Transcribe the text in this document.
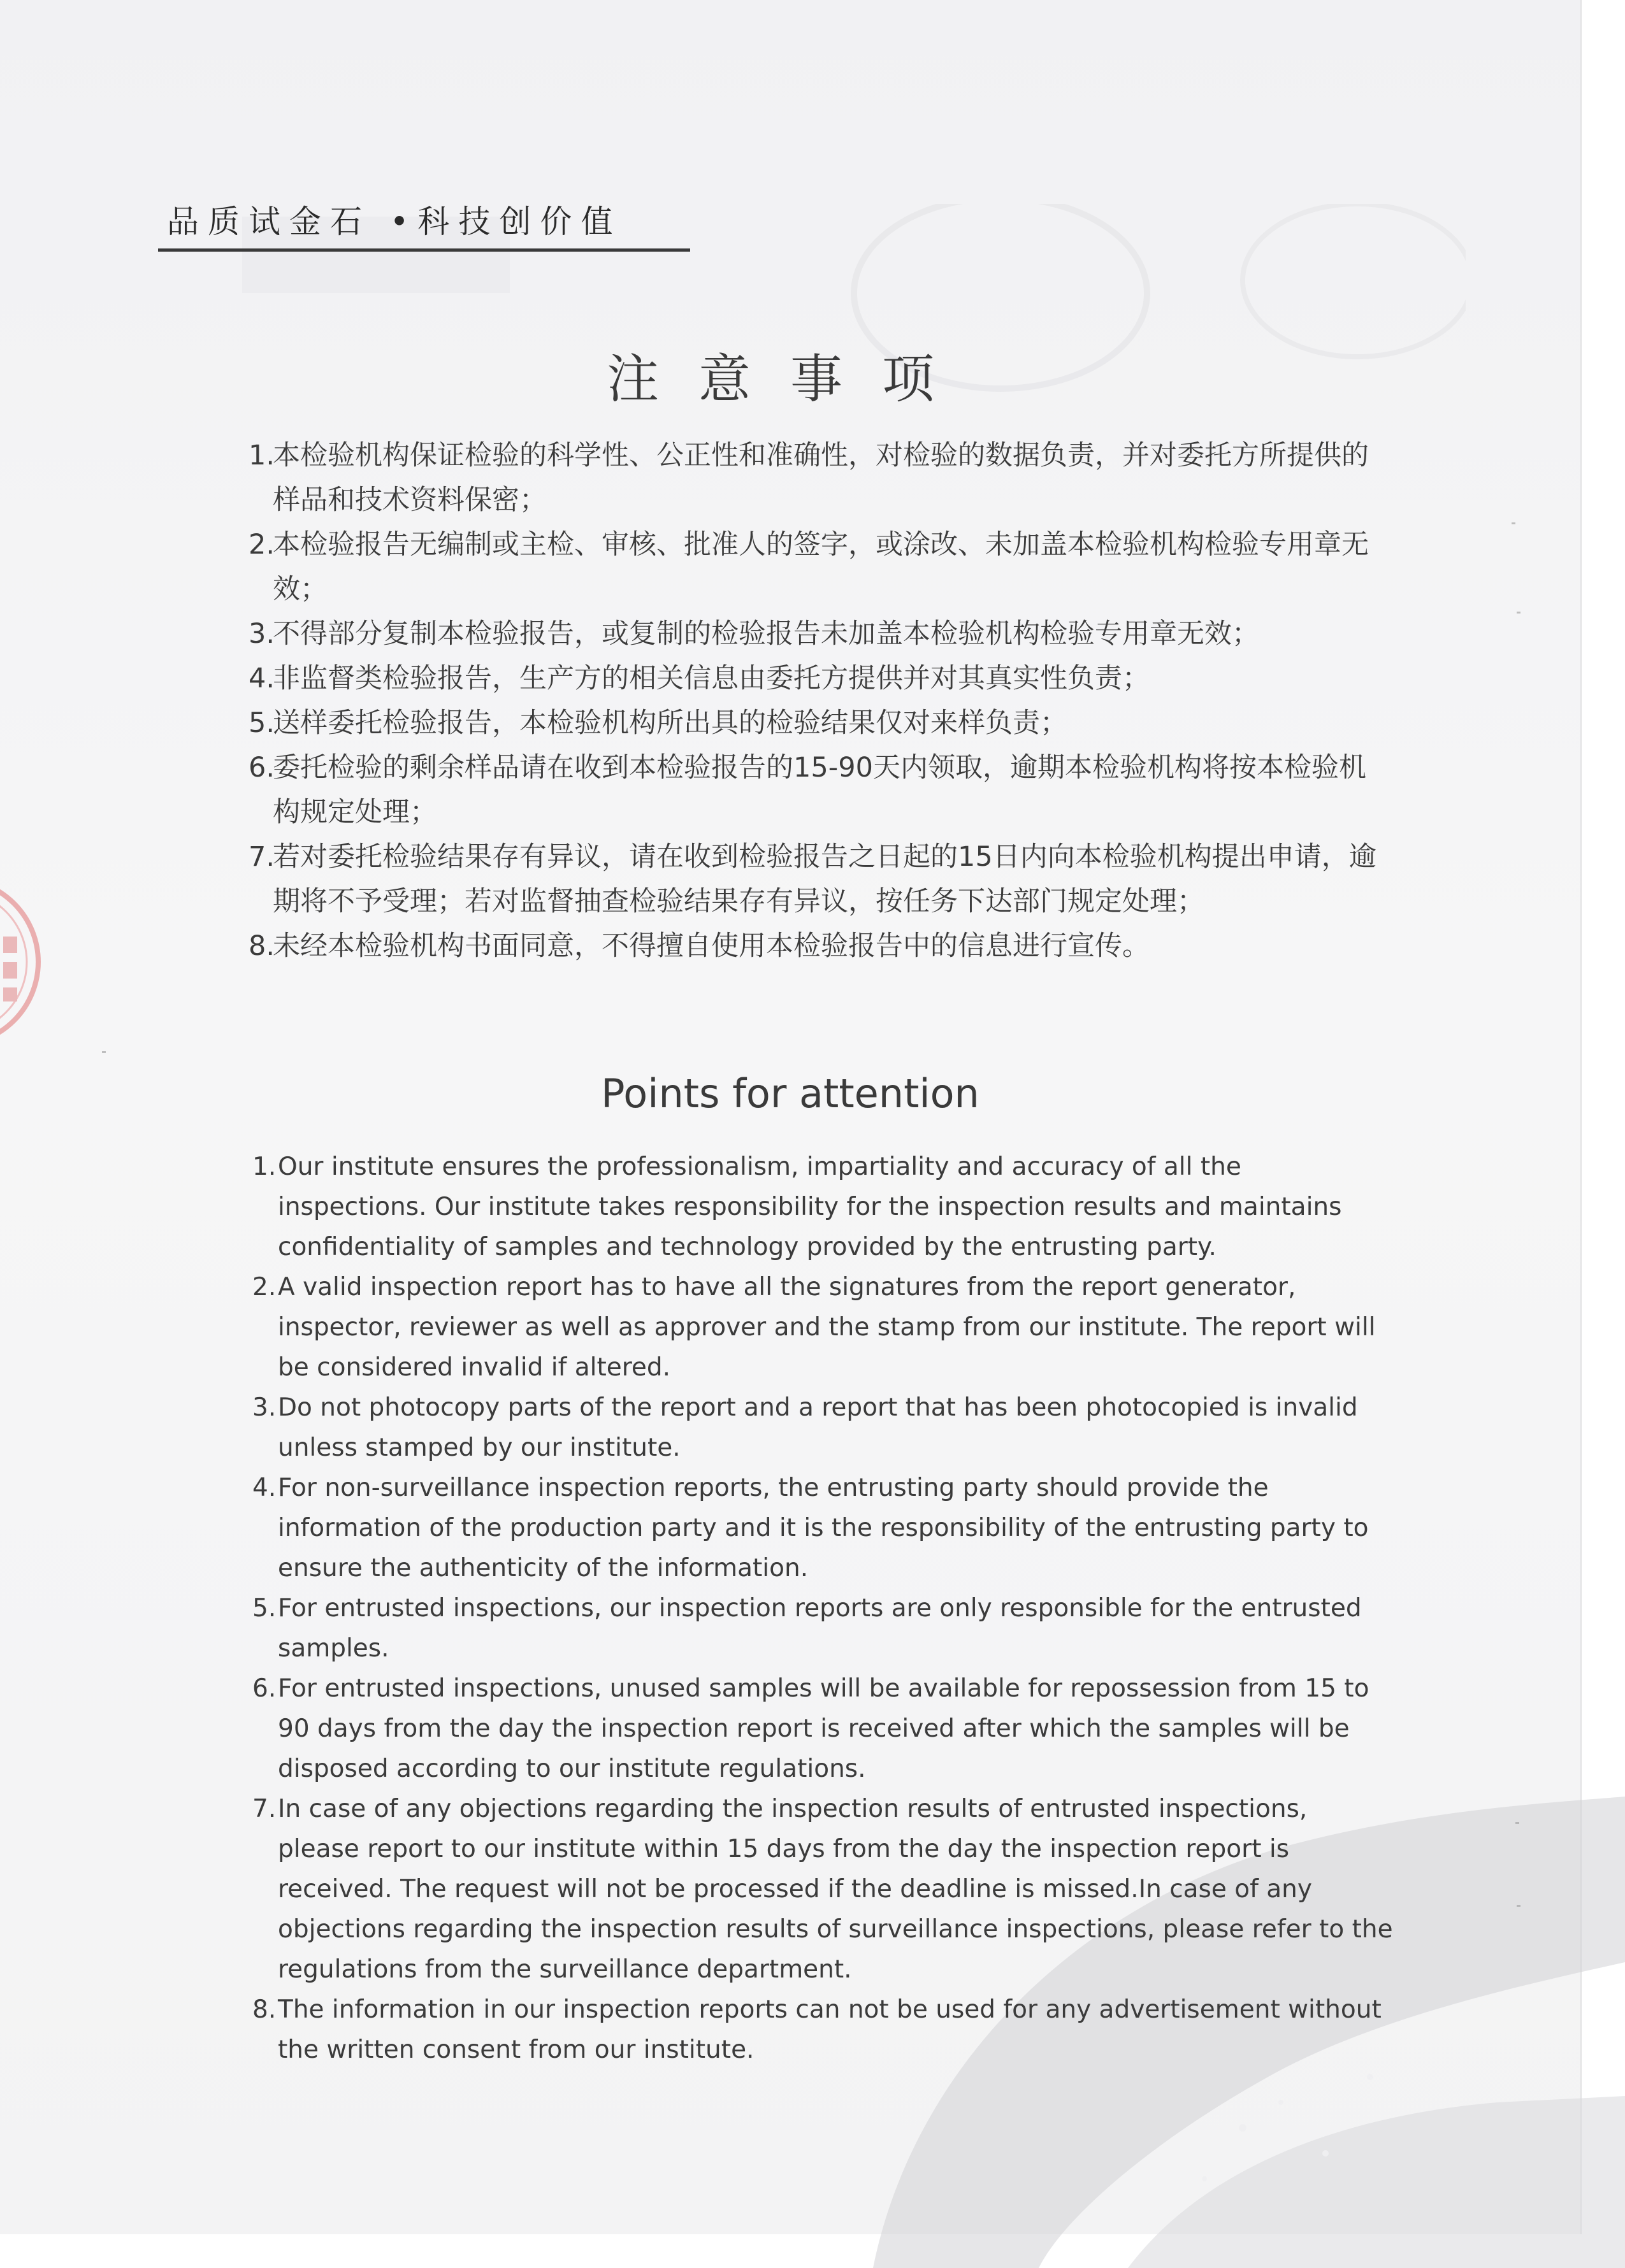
品质试金石 •科技创价值

注意事项
1.
本检验机构保证检验的科学性、公正性和准确性，对检验的数据负责，并对委托方所提供的样品和技术资料保密；
2.
本检验报告无编制或主检、审核、批准人的签字，或涂改、未加盖本检验机构检验专用章无效；
3.
不得部分复制本检验报告，或复制的检验报告未加盖本检验机构检验专用章无效；
4.
非监督类检验报告，生产方的相关信息由委托方提供并对其真实性负责；
5.
送样委托检验报告，本检验机构所出具的检验结果仅对来样负责；
6.
委托检验的剩余样品请在收到本检验报告的15-90天内领取，逾期本检验机构将按本检验机构规定处理；
7.
若对委托检验结果存有异议，请在收到检验报告之日起的15日内向本检验机构提出申请，逾期将不予受理；若对监督抽查检验结果存有异议，按任务下达部门规定处理；
8.
未经本检验机构书面同意，不得擅自使用本检验报告中的信息进行宣传。
Points for attention
1. Our institute ensures the professionalism, impartiality and accuracy of all the inspections. Our institute takes responsibility for the inspection results and maintains confidentiality of samples and technology provided by the entrusting party.
2. A valid inspection report has to have all the signatures from the report generator, inspector, reviewer as well as approver and the stamp from our institute. The report will be considered invalid if altered.
3. Do not photocopy parts of the report and a report that has been photocopied is invalid unless stamped by our institute.
4. For non-surveillance inspection reports, the entrusting party should provide the information of the production party and it is the responsibility of the entrusting party to ensure the authenticity of the information.
5. For entrusted inspections, our inspection reports are only responsible for the entrusted samples.
6. For entrusted inspections, unused samples will be available for repossession from 15 to 90 days from the day the inspection report is received after which the samples will be disposed according to our institute regulations.
7. In case of any objections regarding the inspection results of entrusted inspections, please report to our institute within 15 days from the day the inspection report is received. The request will not be processed if the deadline is missed.In case of any objections regarding the inspection results of surveillance inspections, please refer to the regulations from the surveillance department.
8. The information in our inspection reports can not be used for any advertisement without the written consent from our institute.
